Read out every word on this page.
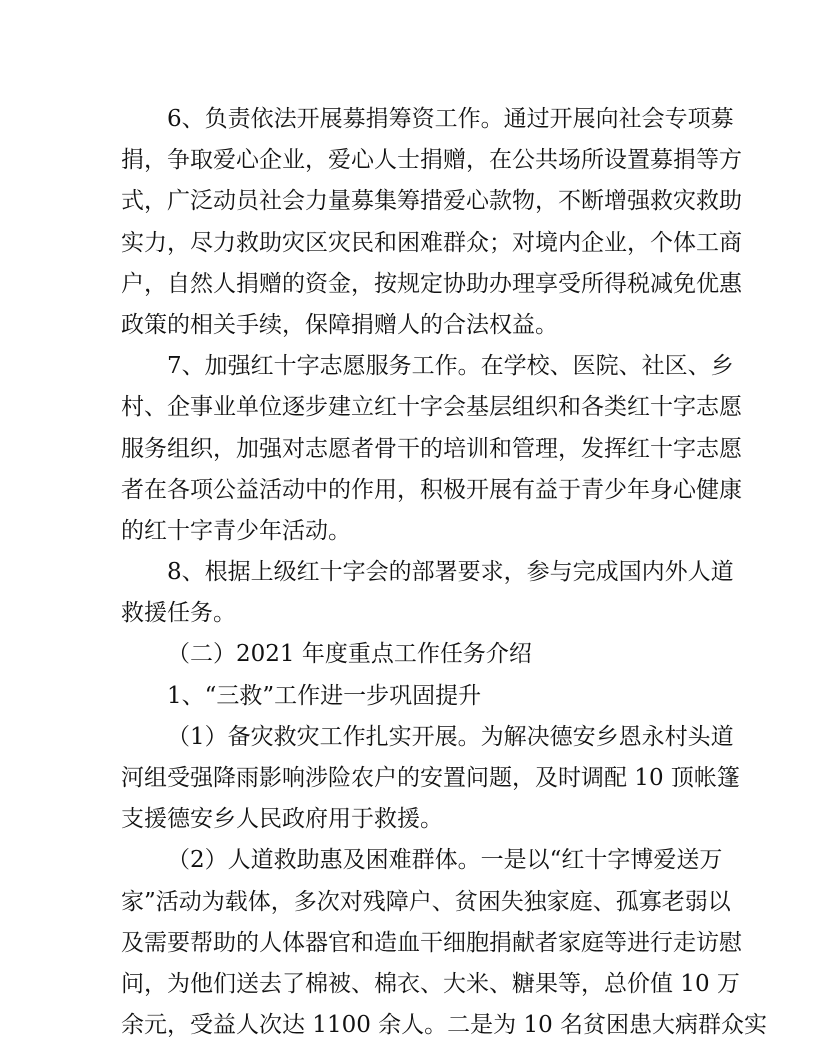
6、负责依法开展募捐筹资工作。通过开展向社会专项募
捐，争取爱心企业，爱心人士捐赠，在公共场所设置募捐等方
式，广泛动员社会力量募集筹措爱心款物，不断增强救灾救助
实力，尽力救助灾区灾民和困难群众；对境内企业，个体工商
户，自然人捐赠的资金，按规定协助办理享受所得税减免优惠
政策的相关手续，保障捐赠人的合法权益。
7、加强红十字志愿服务工作。在学校、医院、社区、乡
村、企事业单位逐步建立红十字会基层组织和各类红十字志愿
服务组织，加强对志愿者骨干的培训和管理，发挥红十字志愿
者在各项公益活动中的作用，积极开展有益于青少年身心健康
的红十字青少年活动。
8、根据上级红十字会的部署要求，参与完成国内外人道
救援任务。
（二）2021 年度重点工作任务介绍
1、“三救”工作进一步巩固提升
（1）备灾救灾工作扎实开展。为解决德安乡恩永村头道
河组受强降雨影响涉险农户的安置问题，及时调配 10 顶帐篷
支援德安乡人民政府用于救援。
（2）人道救助惠及困难群体。一是以“红十字博爱送万
家”活动为载体，多次对残障户、贫困失独家庭、孤寡老弱以
及需要帮助的人体器官和造血干细胞捐献者家庭等进行走访慰
问，为他们送去了棉被、棉衣、大米、糖果等，总价值 10 万
余元，受益人次达 1100 余人。二是为 10 名贫困患大病群众实
